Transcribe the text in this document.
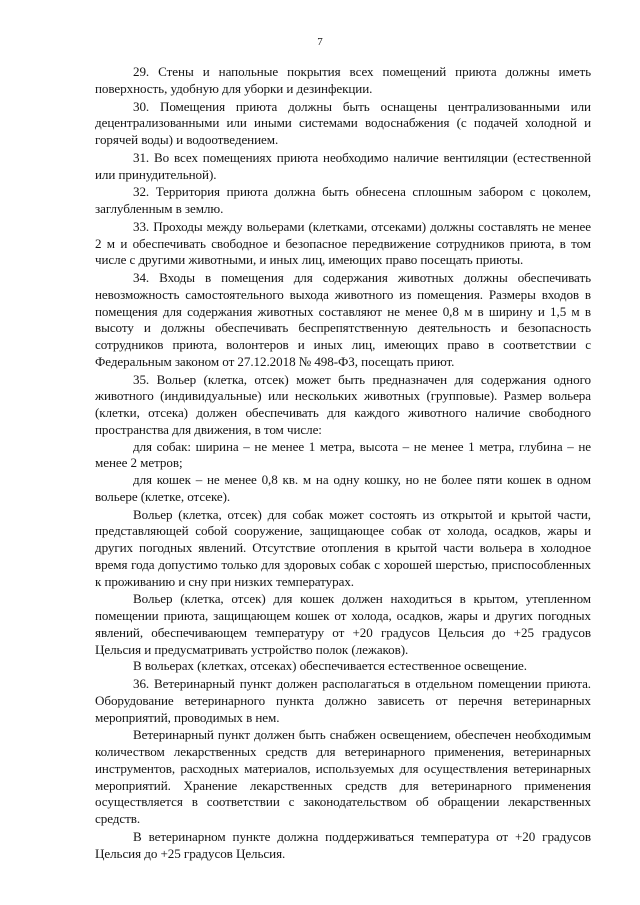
7

29. Стены и напольные покрытия всех помещений приюта должны иметь поверхность, удобную для уборки и дезинфекции.

30. Помещения приюта должны быть оснащены централизованными или децентрализованными или иными системами водоснабжения (с подачей холодной и горячей воды) и водоотведением.

31. Во всех помещениях приюта необходимо наличие вентиляции (естественной или принудительной).

32. Территория приюта должна быть обнесена сплошным забором с цоколем, заглубленным в землю.

33. Проходы между вольерами (клетками, отсеками) должны составлять не менее 2 м и обеспечивать свободное и безопасное передвижение сотрудников приюта, в том числе с другими животными, и иных лиц, имеющих право посещать приюты.

34. Входы в помещения для содержания животных должны обеспечивать невозможность самостоятельного выхода животного из помещения. Размеры входов в помещения для содержания животных составляют не менее 0,8 м в ширину и 1,5 м в высоту и должны обеспечивать беспрепятственную деятельность и безопасность сотрудников приюта, волонтеров и иных лиц, имеющих право в соответствии с Федеральным законом от 27.12.2018 № 498-ФЗ, посещать приют.

35. Вольер (клетка, отсек) может быть предназначен для содержания одного животного (индивидуальные) или нескольких животных (групповые). Размер вольера (клетки, отсека) должен обеспечивать для каждого животного наличие свободного пространства для движения, в том числе:

для собак: ширина – не менее 1 метра, высота – не менее 1 метра, глубина – не менее 2 метров;

для кошек – не менее 0,8 кв. м на одну кошку, но не более пяти кошек в одном вольере (клетке, отсеке).

Вольер (клетка, отсек) для собак может состоять из открытой и крытой части, представляющей собой сооружение, защищающее собак от холода, осадков, жары и других погодных явлений. Отсутствие отопления в крытой части вольера в холодное время года допустимо только для здоровых собак с хорошей шерстью, приспособленных к проживанию и сну при низких температурах.

Вольер (клетка, отсек) для кошек должен находиться в крытом, утепленном помещении приюта, защищающем кошек от холода, осадков, жары и других погодных явлений, обеспечивающем температуру от +20 градусов Цельсия до +25 градусов Цельсия и предусматривать устройство полок (лежаков).

В вольерах (клетках, отсеках) обеспечивается естественное освещение.

36. Ветеринарный пункт должен располагаться в отдельном помещении приюта. Оборудование ветеринарного пункта должно зависеть от перечня ветеринарных мероприятий, проводимых в нем.

Ветеринарный пункт должен быть снабжен освещением, обеспечен необходимым количеством лекарственных средств для ветеринарного применения, ветеринарных инструментов, расходных материалов, используемых для осуществления ветеринарных мероприятий. Хранение лекарственных средств для ветеринарного применения осуществляется в соответствии с законодательством об обращении лекарственных средств.

В ветеринарном пункте должна поддерживаться температура от +20 градусов Цельсия до +25 градусов Цельсия.
